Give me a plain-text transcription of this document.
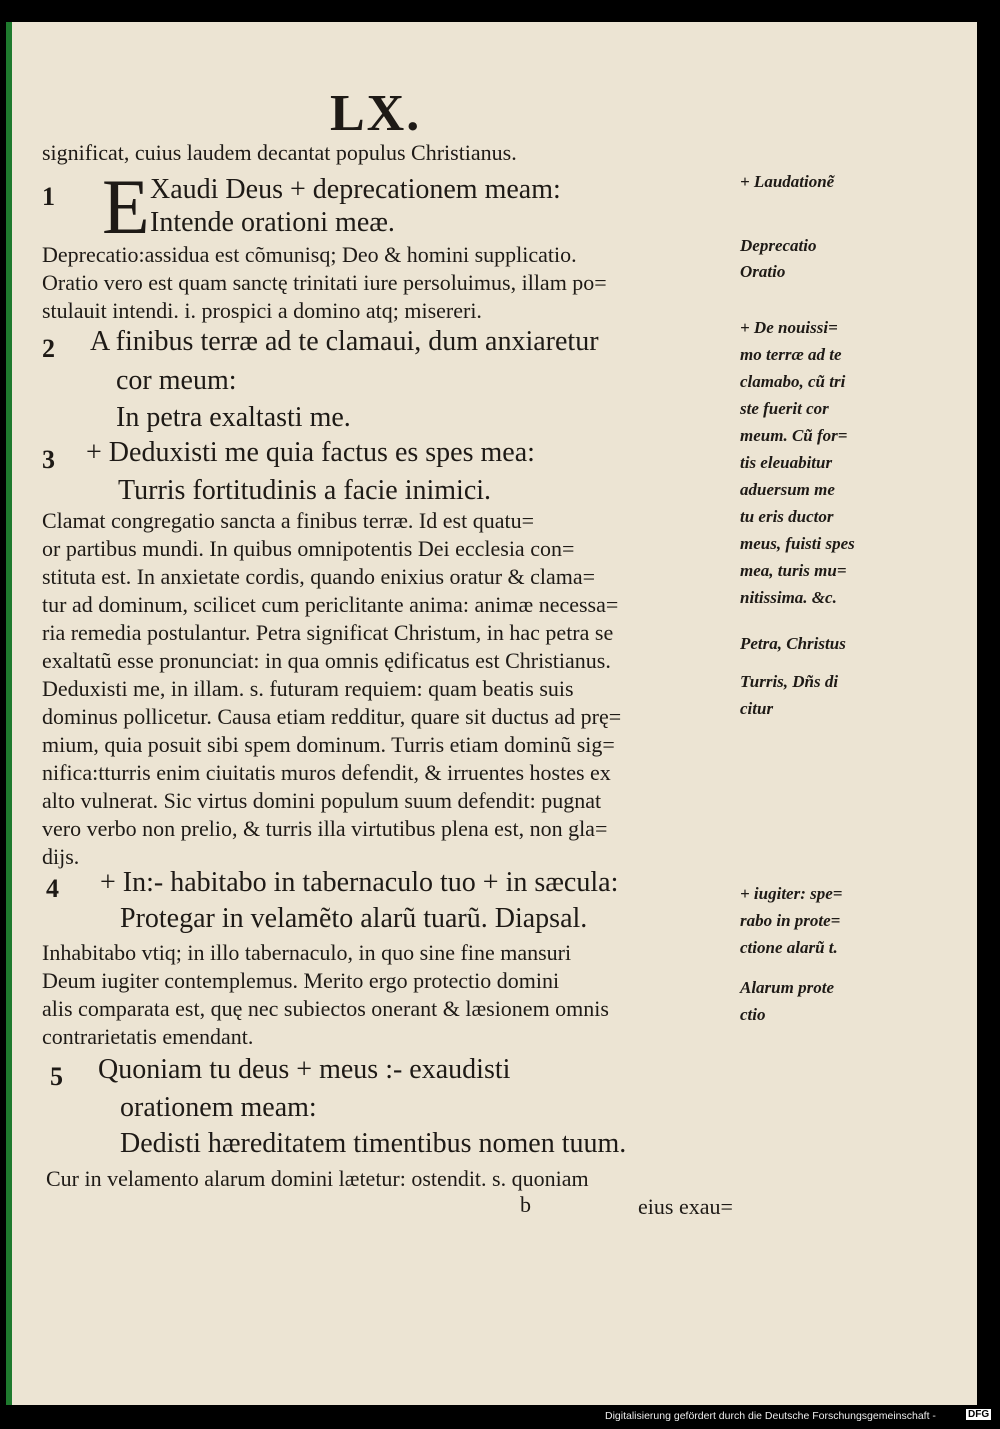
LX.
significat, cuius laudem decantat populus Christianus.
1 E Xaudi Deus + deprecationem meam:
Intende orationi meæ.
Deprecatio:assidua est cõmunisq; Deo & homini supplicatio.
Oratio vero est quam sanctę trinitati iure persoluimus, illam po=
stulauit intendi. i. prospici a domino atq; misereri.
2 A finibus terræ ad te clamaui, dum anxiaretur
cor meum:
In petra exaltasti me.
3 + Deduxisti me quia factus es spes mea:
Turris fortitudinis a facie inimici.
Clamat congregatio sancta a finibus terræ. Id est quatu=
or partibus mundi. In quibus omnipotentis Dei ecclesia con=
stituta est. In anxietate cordis, quando enixius oratur & clama=
tur ad dominum, scilicet cum periclitante anima: animæ necessa=
ria remedia postulantur. Petra significat Christum, in hac petra se
exaltatũ esse pronunciat: in qua omnis ędificatus est Christianus.
Deduxisti me, in illam. s. futuram requiem: quam beatis suis
dominus pollicetur. Causa etiam redditur, quare sit ductus ad prę=
mium, quia posuit sibi spem dominum. Turris etiam dominũ sig=
nifica:tturris enim ciuitatis muros defendit, & irruentes hostes ex
alto vulnerat. Sic virtus domini populum suum defendit: pugnat
vero verbo non prelio, & turris illa virtutibus plena est, non gla=
dijs.
4 + In:- habitabo in tabernaculo tuo + in sæcula:
Protegar in velamẽto alarũ tuarũ. Diapsal.
Inhabitabo vtiq; in illo tabernaculo, in quo sine fine mansuri
Deum iugiter contemplemus. Merito ergo protectio domini
alis comparata est, quę nec subiectos onerant & læsionem omnis
contrarietatis emendant.
5 Quoniam tu deus + meus :- exaudisti
orationem meam:
Dedisti hæreditatem timentibus nomen tuum.
Cur in velamento alarum domini lætetur: ostendit. s. quoniam
b	eius exau=
+ Laudationẽ
Deprecatio
Oratio
+ De nouissi=
mo terræ ad te
clamabo, cũ tri
ste fuerit cor
meum. Cũ for=
tis eleuabitur
aduersum me
tu eris ductor
meus, fuisti spes
mea, turis mu=
nitissima. &c.
Petra, Christus
Turris, Dñs di
citur
+ iugiter: spe=
rabo in prote=
ctione alarũ t.
Alarum prote
ctio
Digitalisierung gefördert durch die Deutsche Forschungsgemeinschaft -	DFG
